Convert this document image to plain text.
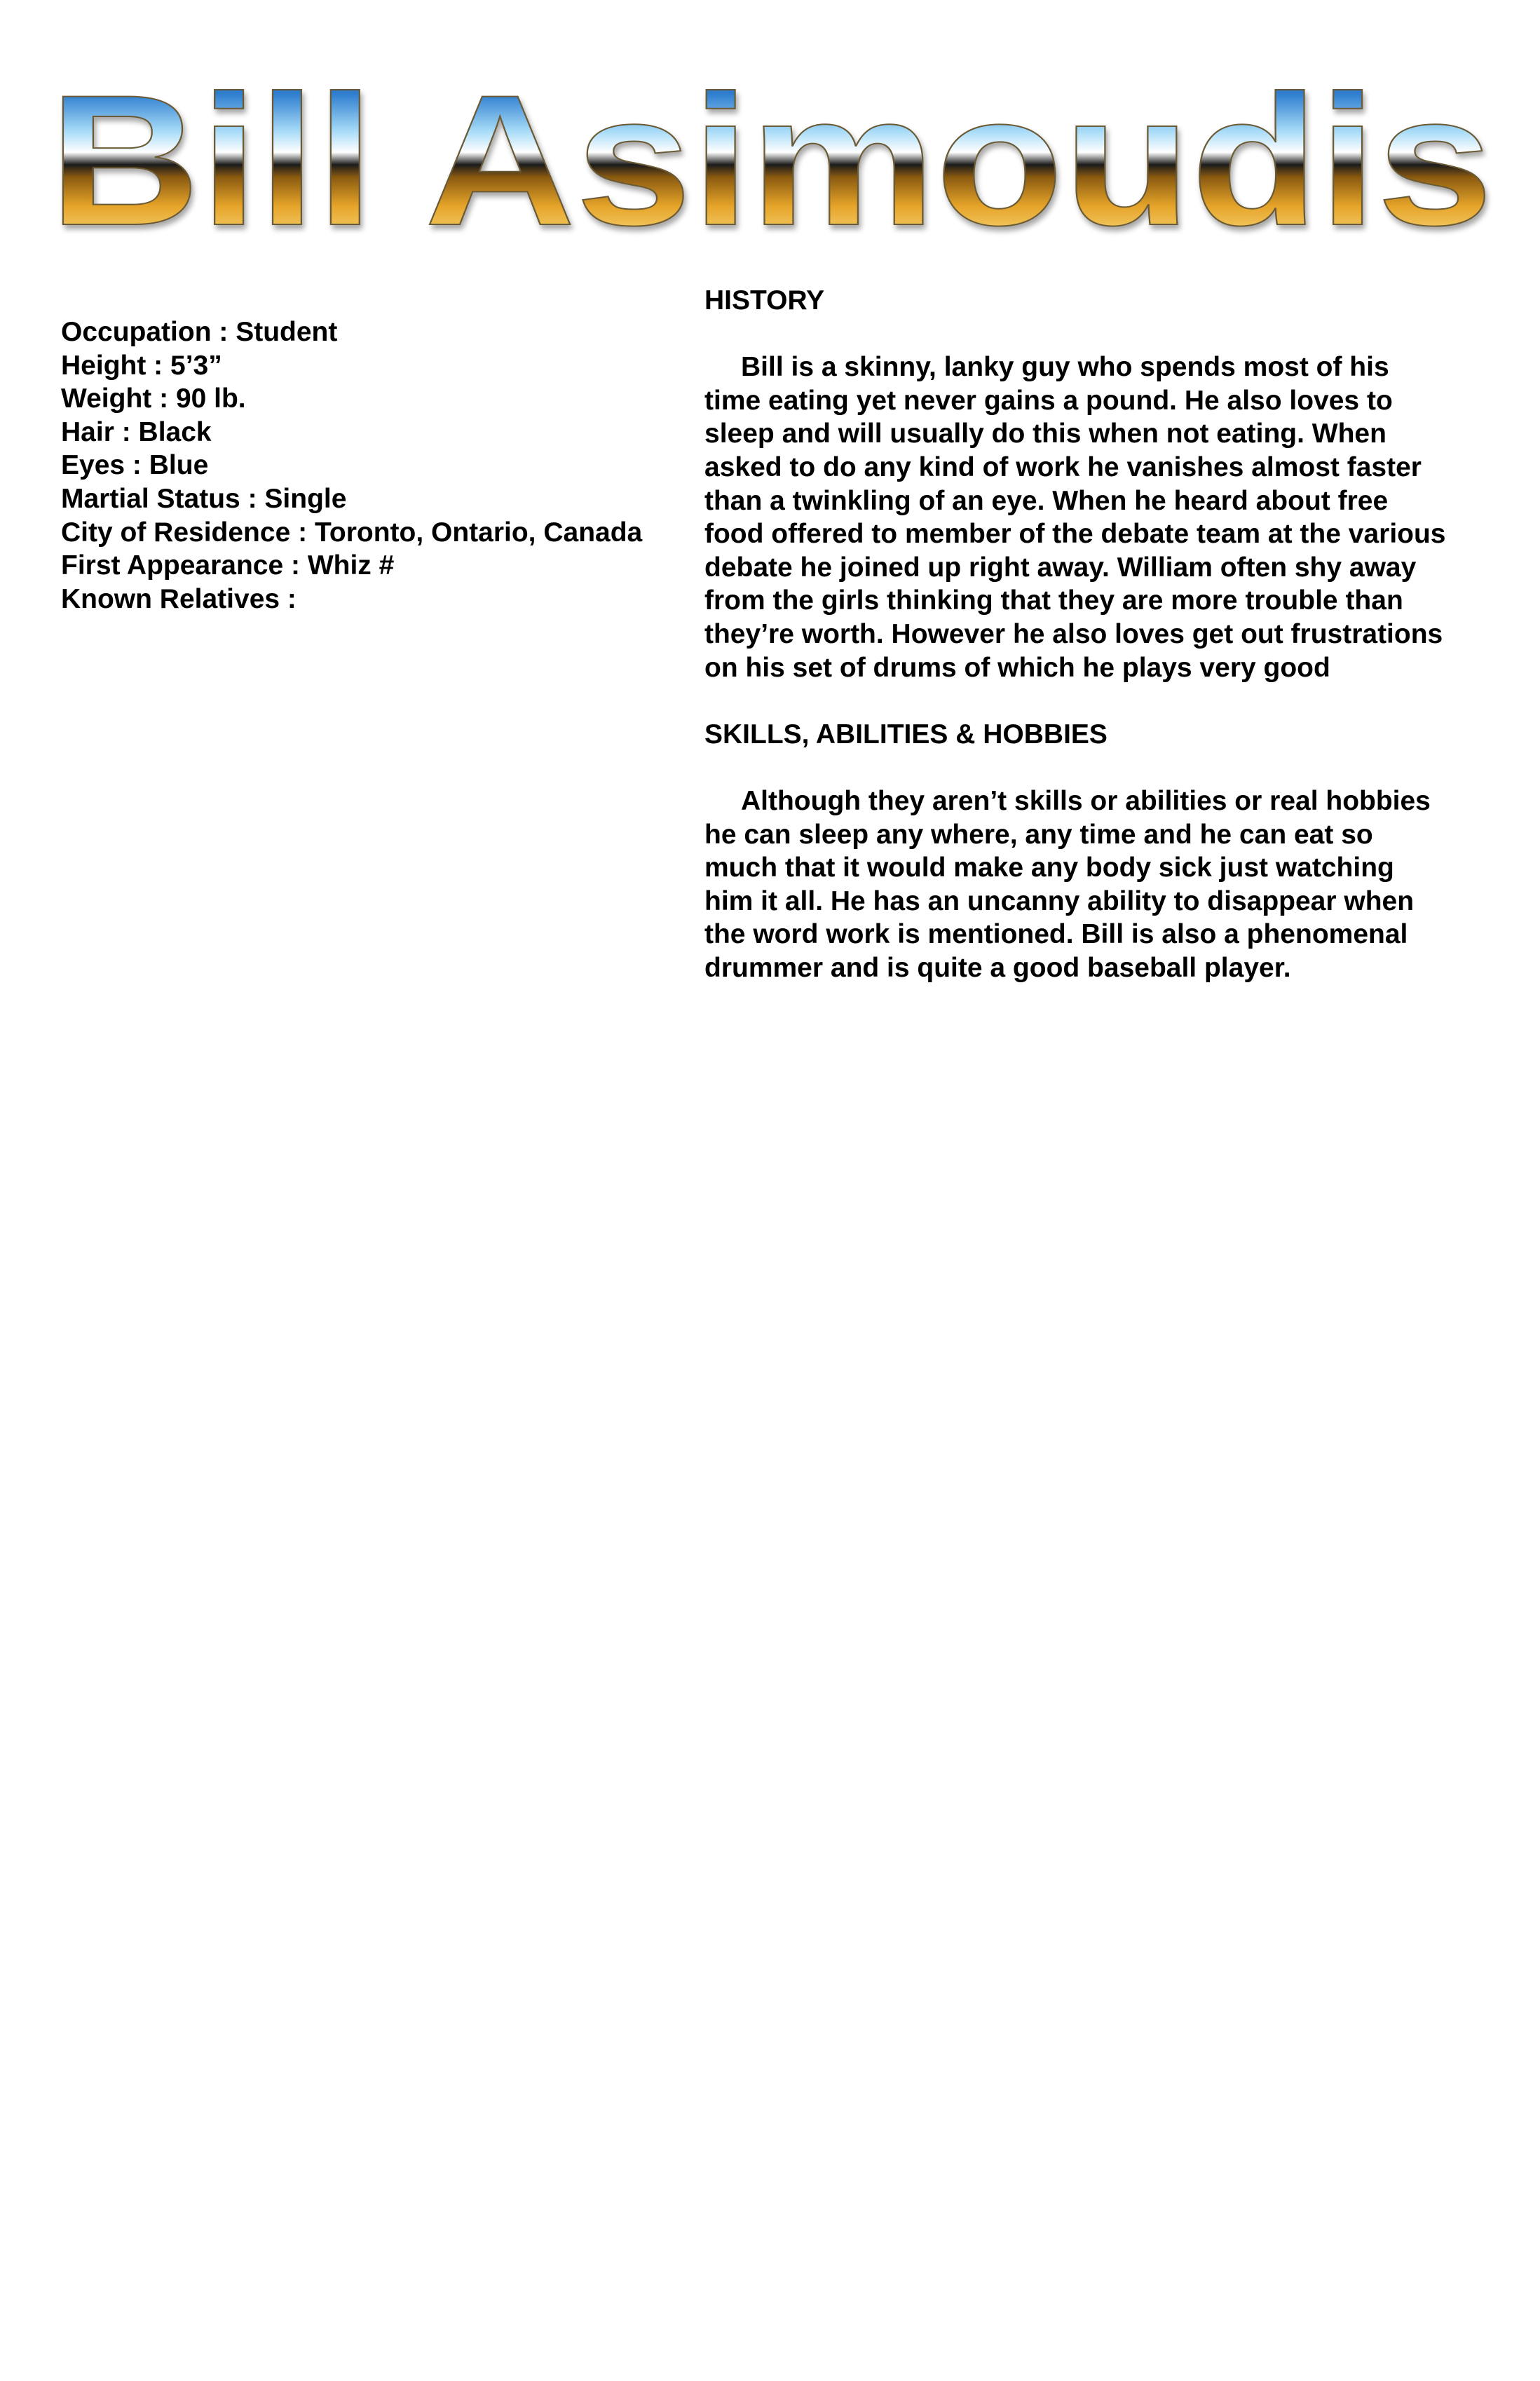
Bill Asimoudis
Occupation : Student
Height : 5’3”
Weight : 90 lb.
Hair : Black
Eyes : Blue
Martial Status : Single
City of Residence : Toronto, Ontario, Canada
First Appearance : Whiz #
Known Relatives :
HISTORY
Bill is a skinny, lanky guy who spends most of his
time eating yet never gains a pound. He also loves to
sleep and will usually do this when not eating. When
asked to do any kind of work he vanishes almost faster
than a twinkling of an eye. When he heard about free
food offered to member of the debate team at the various
debate he joined up right away. William often shy away
from the girls thinking that they are more trouble than
they’re worth. However he also loves get out frustrations
on his set of drums of which he plays very good
SKILLS, ABILITIES & HOBBIES
Although they aren’t skills or abilities or real hobbies
he can sleep any where, any time and he can eat so
much that it would make any body sick just watching
him it all. He has an uncanny ability to disappear when
the word work is mentioned. Bill is also a phenomenal
drummer and is quite a good baseball player.
